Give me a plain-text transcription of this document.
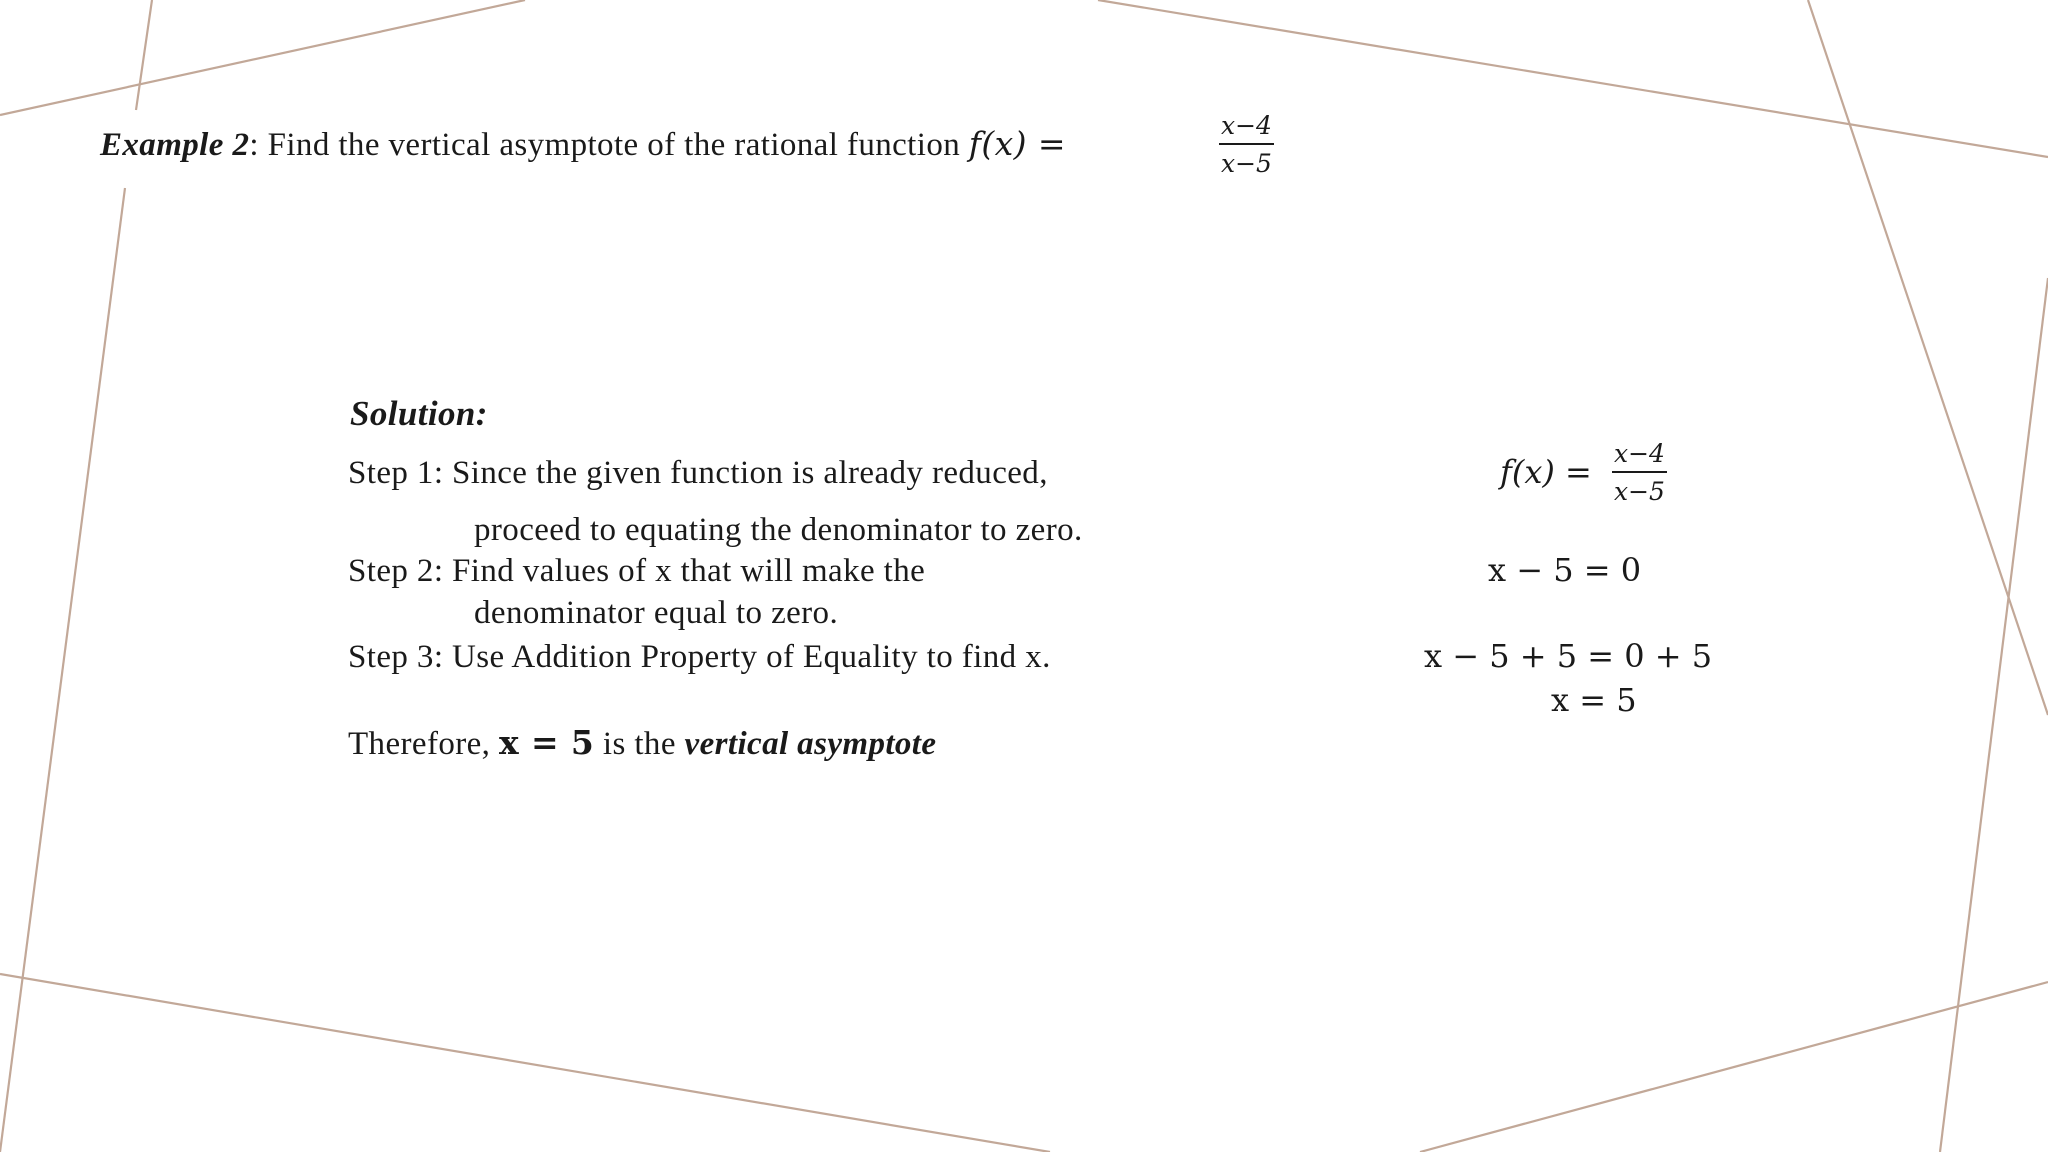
Example 2: Find the vertical asymptote of the rational function f(x) =	x−4
x−5
Solution:
Step 1: Since the given function is already reduced,
proceed to equating the denominator to zero.
Step 2: Find values of x that will make the
denominator equal to zero.
Step 3: Use Addition Property of Equality to find x.
Therefore, x = 5 is the vertical asymptote
f(x) = x−4
x−5
x − 5 = 0
x − 5 + 5 = 0 + 5
x = 5
